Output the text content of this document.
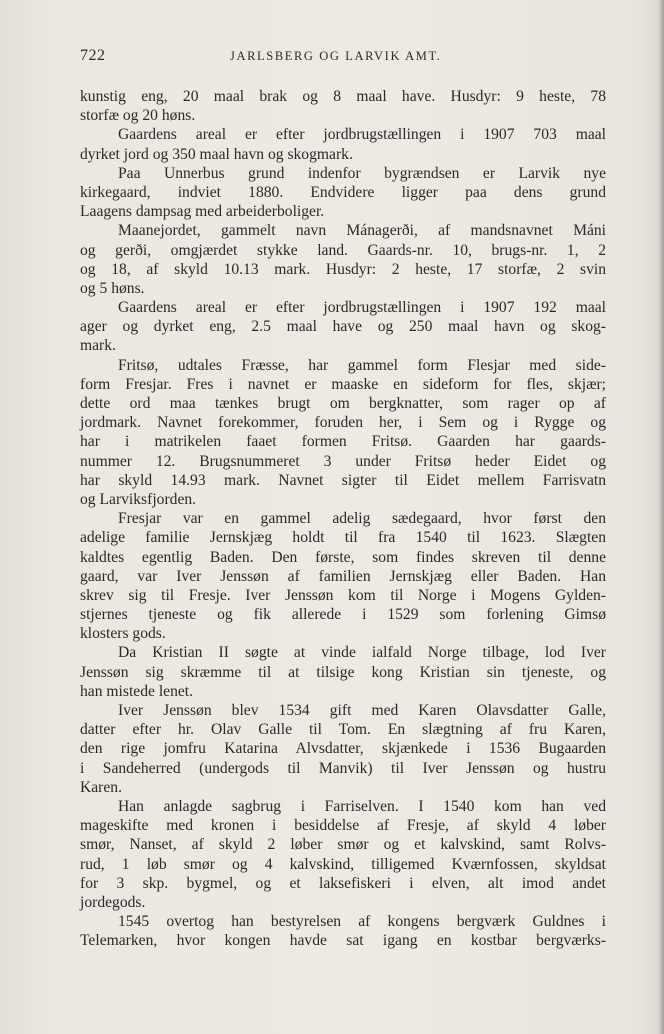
722	JARLSBERG OG LARVIK AMT.
kunstig eng, 20 maal brak og 8 maal have. Husdyr: 9 heste, 78
storfæ og 20 høns.
Gaardens areal er efter jordbrugstællingen i 1907 703 maal
dyrket jord og 350 maal havn og skogmark.
Paa Unnerbus grund indenfor bygrændsen er Larvik nye
kirkegaard, indviet 1880. Endvidere ligger paa dens grund
Laagens dampsag med arbeiderboliger.
Maanejordet, gammelt navn Mánagerði, af mandsnavnet Máni
og gerði, omgjærdet stykke land. Gaards-nr. 10, brugs-nr. 1, 2
og 18, af skyld 10.13 mark. Husdyr: 2 heste, 17 storfæ, 2 svin
og 5 høns.
Gaardens areal er efter jordbrugstællingen i 1907 192 maal
ager og dyrket eng, 2.5 maal have og 250 maal havn og skog-
mark.
Fritsø, udtales Fræsse, har gammel form Flesjar med side-
form Fresjar. Fres i navnet er maaske en sideform for fles, skjær;
dette ord maa tænkes brugt om bergknatter, som rager op af
jordmark. Navnet forekommer, foruden her, i Sem og i Rygge og
har i matrikelen faaet formen Fritsø. Gaarden har gaards-
nummer 12. Brugsnummeret 3 under Fritsø heder Eidet og
har skyld 14.93 mark. Navnet sigter til Eidet mellem Farrisvatn
og Larviksfjorden.
Fresjar var en gammel adelig sædegaard, hvor først den
adelige familie Jernskjæg holdt til fra 1540 til 1623. Slægten
kaldtes egentlig Baden. Den første, som findes skreven til denne
gaard, var Iver Jenssøn af familien Jernskjæg eller Baden. Han
skrev sig til Fresje. Iver Jenssøn kom til Norge i Mogens Gylden-
stjernes tjeneste og fik allerede i 1529 som forlening Gimsø
klosters gods.
Da Kristian II søgte at vinde ialfald Norge tilbage, lod Iver
Jenssøn sig skræmme til at tilsige kong Kristian sin tjeneste, og
han mistede lenet.
Iver Jenssøn blev 1534 gift med Karen Olavsdatter Galle,
datter efter hr. Olav Galle til Tom. En slægtning af fru Karen,
den rige jomfru Katarina Alvsdatter, skjænkede i 1536 Bugaarden
i Sandeherred (undergods til Manvik) til Iver Jenssøn og hustru
Karen.
Han anlagde sagbrug i Farriselven. I 1540 kom han ved
mageskifte med kronen i besiddelse af Fresje, af skyld 4 løber
smør, Nanset, af skyld 2 løber smør og et kalvskind, samt Rolvs-
rud, 1 løb smør og 4 kalvskind, tilligemed Kværnfossen, skyldsat
for 3 skp. bygmel, og et laksefiskeri i elven, alt imod andet
jordegods.
1545 overtog han bestyrelsen af kongens bergværk Guldnes i
Telemarken, hvor kongen havde sat igang en kostbar bergværks-
